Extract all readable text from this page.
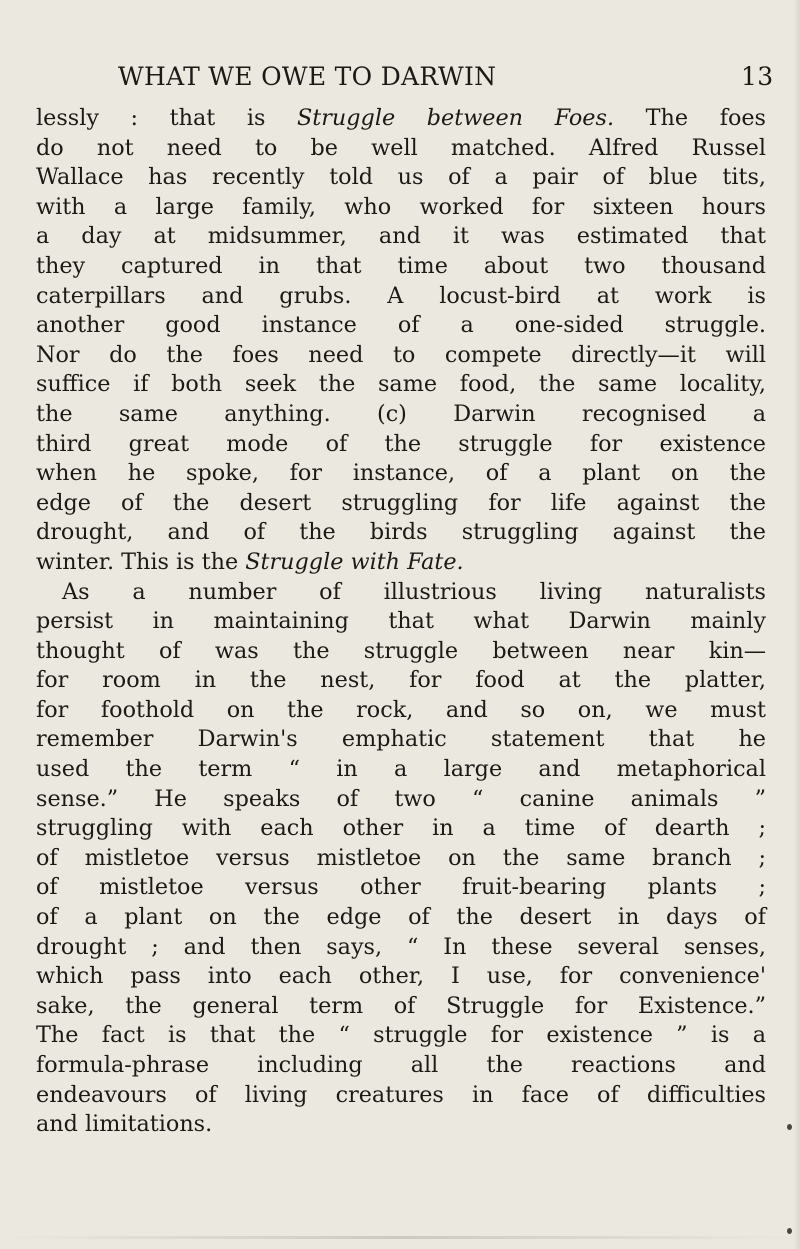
WHAT WE OWE TO DARWIN	13
lessly : that is Struggle between Foes. The foes
do not need to be well matched. Alfred Russel
Wallace has recently told us of a pair of blue tits,
with a large family, who worked for sixteen hours
a day at midsummer, and it was estimated that
they captured in that time about two thousand
caterpillars and grubs. A locust-bird at work is
another good instance of a one-sided struggle.
Nor do the foes need to compete directly—it will
suffice if both seek the same food, the same locality,
the same anything. (c) Darwin recognised a
third great mode of the struggle for existence
when he spoke, for instance, of a plant on the
edge of the desert struggling for life against the
drought, and of the birds struggling against the
winter. This is the Struggle with Fate.
As a number of illustrious living naturalists
persist in maintaining that what Darwin mainly
thought of was the struggle between near kin—
for room in the nest, for food at the platter,
for foothold on the rock, and so on, we must
remember Darwin's emphatic statement that he
used the term “ in a large and metaphorical
sense.” He speaks of two “ canine animals ”
struggling with each other in a time of dearth ;
of mistletoe versus mistletoe on the same branch ;
of mistletoe versus other fruit-bearing plants ;
of a plant on the edge of the desert in days of
drought ; and then says, “ In these several senses,
which pass into each other, I use, for convenience'
sake, the general term of Struggle for Existence.”
The fact is that the “ struggle for existence ” is a
formula-phrase including all the reactions and
endeavours of living creatures in face of difficulties
and limitations.
